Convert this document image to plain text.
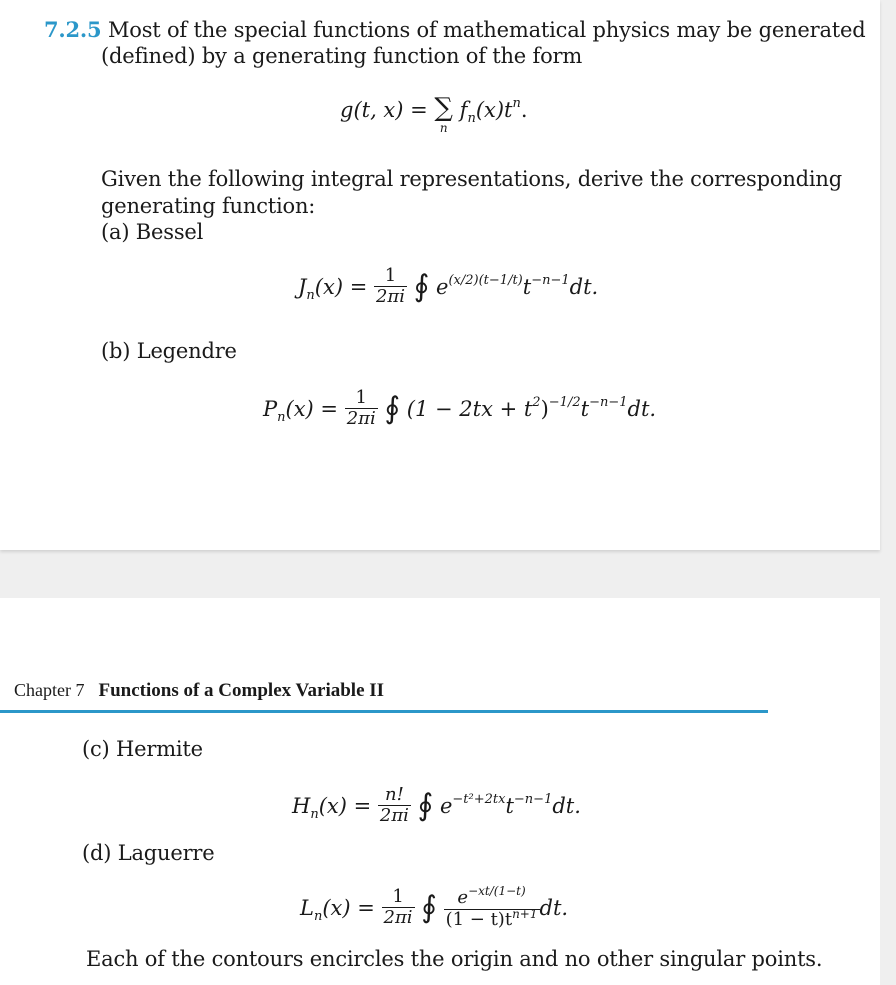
7.2.5 Most of the special functions of mathematical physics may be generated
(defined) by a generating function of the form
g(t, x) = ∑
n
$f_n(x)t^n$.
Given the following integral representations, derive the corresponding
generating function:
(a) Bessel
$J_n(x) = \frac{1}{2\pi i}$ ∮ $e^{(x/2)(t-1/t)}t^{-n-1}dt$.
(b) Legendre
$P_n(x) = \frac{1}{2\pi i}$ ∮ $(1 - 2tx + t^2)^{-1/2}t^{-n-1}dt$.
Chapter 7 Functions of a Complex Variable II
(c) Hermite
$H_n(x) = \frac{n!}{2\pi i}$ ∮ $e^{-t^2+2tx}t^{-n-1}dt$.
(d) Laguerre
$L_n(x) = \frac{1}{2\pi i}$ ∮ $\frac{e^{-xt/(1-t)}}{(1 - t)t^{n+1}}$ dt.
Each of the contours encircles the origin and no other singular points.
